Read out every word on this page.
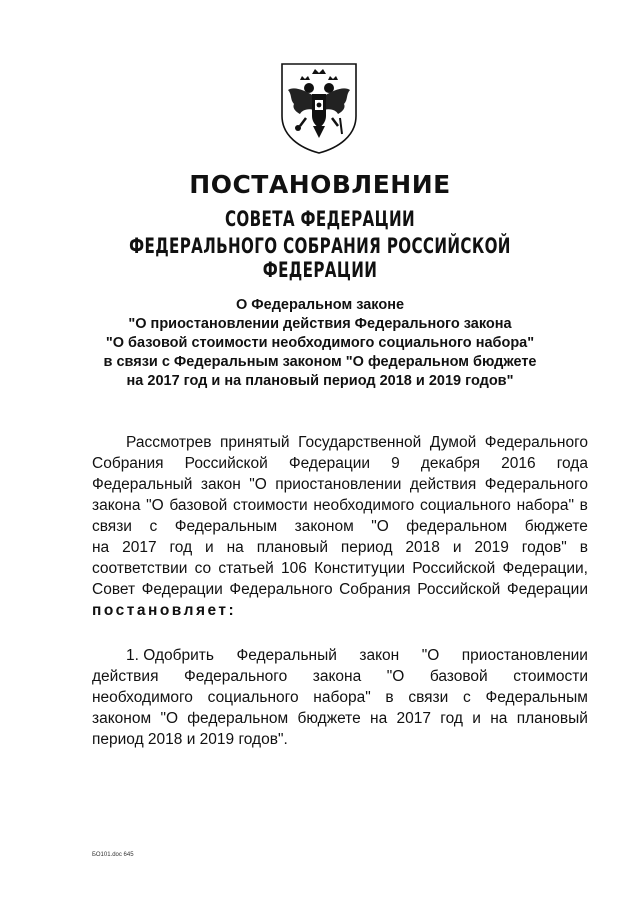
ПОСТАНОВЛЕНИЕ
СОВЕТА ФЕДЕРАЦИИ
ФЕДЕРАЛЬНОГО СОБРАНИЯ РОССИЙСКОЙ ФЕДЕРАЦИИ
О Федеральном законе
"О приостановлении действия Федерального закона
"О базовой стоимости необходимого социального набора"
в связи с Федеральным законом "О федеральном бюджете
на 2017 год и на плановый период 2018 и 2019 годов"
Рассмотрев принятый Государственной Думой Федерального
Собрания Российской Федерации 9 декабря 2016 года
Федеральный закон "О приостановлении действия Федерального
закона "О базовой стоимости необходимого социального набора" в
связи с Федеральным законом "О федеральном бюджете
на 2017 год и на плановый период 2018 и 2019 годов" в
соответствии со статьей 106 Конституции Российской Федерации,
Совет Федерации Федерального Собрания Российской Федерации
постановляет:
1. Одобрить Федеральный закон "О приостановлении
действия Федерального закона "О базовой стоимости
необходимого социального набора" в связи с Федеральным
законом "О федеральном бюджете на 2017 год и на плановый
период 2018 и 2019 годов".
БО101.doc 645
